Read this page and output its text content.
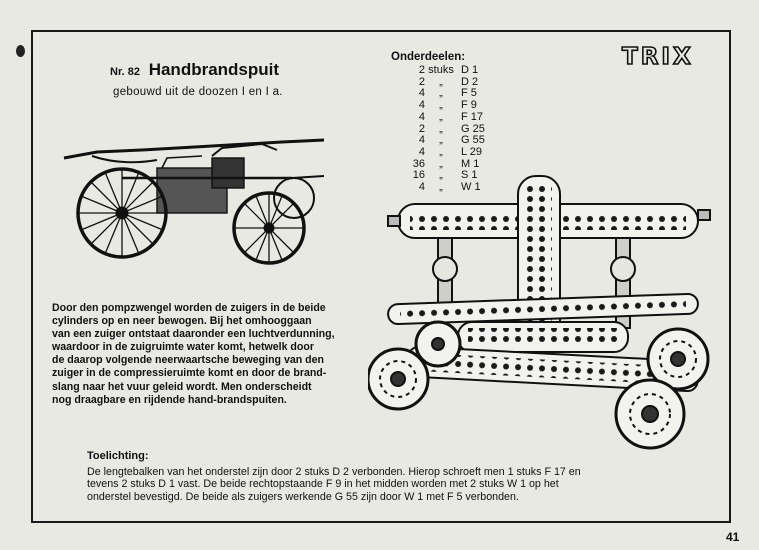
Nr. 82 Handbrandspuit
gebouwd uit de doozen I en I a.
Onderdeelen:
2 stuks D 1
2	„	D 2
4	„	F 5
4	„	F 9
4	„	F 17
2	„	G 25
4	„	G 55
4	„	L 29
36	„	M 1
16	„	S 1
4	„	W 1
TRIX
Door den pompzwengel worden de zuigers in de beide
cylinders op en neer bewogen. Bij het omhooggaan
van een zuiger ontstaat daaronder een luchtverdunning,
waardoor in de zuigruimte water komt, hetwelk door
de daarop volgende neerwaartsche beweging van den
zuiger in de compressieruimte komt en door de brand-
slang naar het vuur geleid wordt. Men onderscheidt
nog draagbare en rijdende hand-brandspuiten.
Toelichting:
De lengtebalken van het onderstel zijn door 2 stuks D 2 verbonden. Hierop schroeft men 1 stuks F 17 en
tevens 2 stuks D 1 vast. De beide rechtopstaande F 9 in het midden worden met 2 stuks W 1 op het
onderstel bevestigd. De beide als zuigers werkende G 55 zijn door W 1 met F 5 verbonden.
41
